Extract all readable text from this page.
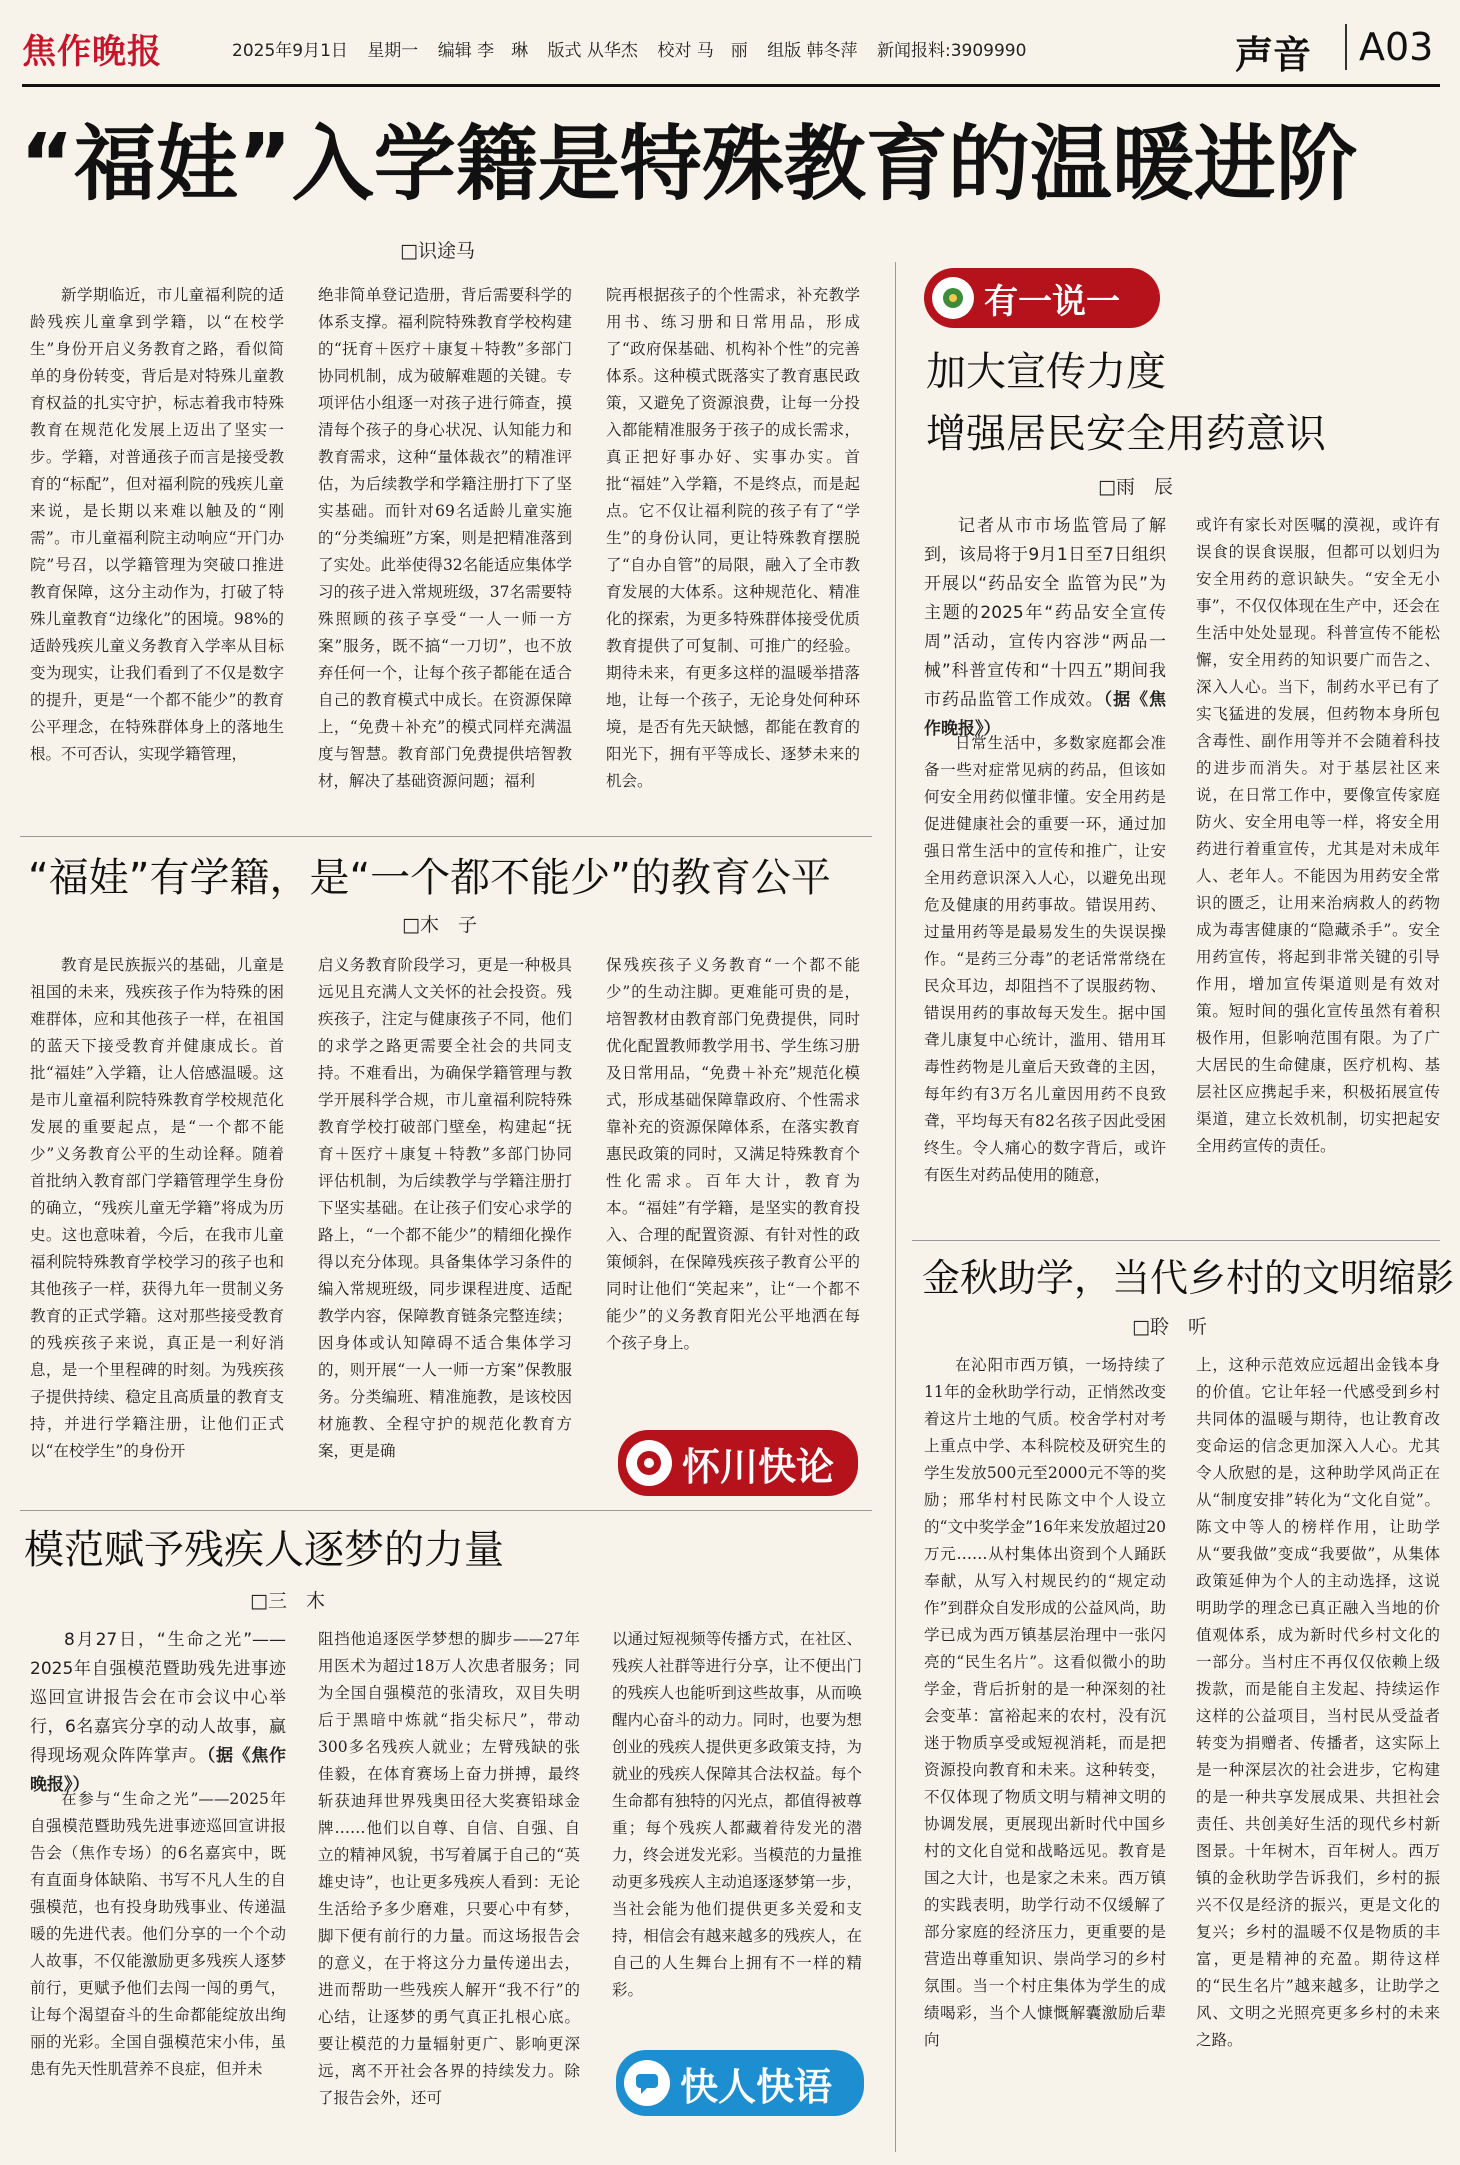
焦作晚报	2025年9月1日 星期一 编辑 李　琳 版式 从华杰 校对 马　丽 组版 韩冬萍 新闻报料:3909990	声音	A03
“福娃”入学籍是特殊教育的温暖进阶
□识途马

新学期临近，市儿童福利院的适龄残疾儿童拿到学籍，以“在校学生”身份开启义务教育之路，看似简单的身份转变，背后是对特殊儿童教育权益的扎实守护，标志着我市特殊教育在规范化发展上迈出了坚实一步。学籍，对普通孩子而言是接受教育的“标配”，但对福利院的残疾儿童来说，是长期以来难以触及的“刚需”。市儿童福利院主动响应“开门办院”号召，以学籍管理为突破口推进教育保障，这分主动作为，打破了特殊儿童教育“边缘化”的困境。98%的适龄残疾儿童义务教育入学率从目标变为现实，让我们看到了不仅是数字的提升，更是“一个都不能少”的教育公平理念，在特殊群体身上的落地生根。不可否认，实现学籍管理，

绝非简单登记造册，背后需要科学的体系支撑。福利院特殊教育学校构建的“抚育＋医疗＋康复＋特教”多部门协同机制，成为破解难题的关键。专项评估小组逐一对孩子进行筛查，摸清每个孩子的身心状况、认知能力和教育需求，这种“量体裁衣”的精准评估，为后续教学和学籍注册打下了坚实基础。而针对69名适龄儿童实施的“分类编班”方案，则是把精准落到了实处。此举使得32名能适应集体学习的孩子进入常规班级，37名需要特殊照顾的孩子享受“一人一师一方案”服务，既不搞“一刀切”，也不放弃任何一个，让每个孩子都能在适合自己的教育模式中成长。在资源保障上，“免费＋补充”的模式同样充满温度与智慧。教育部门免费提供培智教材，解决了基础资源问题；福利

院再根据孩子的个性需求，补充教学用书、练习册和日常用品，形成了“政府保基础、机构补个性”的完善体系。这种模式既落实了教育惠民政策，又避免了资源浪费，让每一分投入都能精准服务于孩子的成长需求，真正把好事办好、实事办实。首批“福娃”入学籍，不是终点，而是起点。它不仅让福利院的孩子有了“学生”的身份认同，更让特殊教育摆脱了“自办自管”的局限，融入了全市教育发展的大体系。这种规范化、精准化的探索，为更多特殊群体接受优质教育提供了可复制、可推广的经验。期待未来，有更多这样的温暖举措落地，让每一个孩子，无论身处何种环境，是否有先天缺憾，都能在教育的阳光下，拥有平等成长、逐梦未来的机会。

“福娃”有学籍，是“一个都不能少”的教育公平
□木　子

教育是民族振兴的基础，儿童是祖国的未来，残疾孩子作为特殊的困难群体，应和其他孩子一样，在祖国的蓝天下接受教育并健康成长。首批“福娃”入学籍，让人倍感温暖。这是市儿童福利院特殊教育学校规范化发展的重要起点，是“一个都不能少”义务教育公平的生动诠释。随着首批纳入教育部门学籍管理学生身份的确立，“残疾儿童无学籍”将成为历史。这也意味着，今后，在我市儿童福利院特殊教育学校学习的孩子也和其他孩子一样，获得九年一贯制义务教育的正式学籍。这对那些接受教育的残疾孩子来说，真正是一利好消息，是一个里程碑的时刻。为残疾孩子提供持续、稳定且高质量的教育支持，并进行学籍注册，让他们正式以“在校学生”的身份开

启义务教育阶段学习，更是一种极具远见且充满人文关怀的社会投资。残疾孩子，注定与健康孩子不同，他们的求学之路更需要全社会的共同支持。不难看出，为确保学籍管理与教学开展科学合规，市儿童福利院特殊教育学校打破部门壁垒，构建起“抚育＋医疗＋康复＋特教”多部门协同评估机制，为后续教学与学籍注册打下坚实基础。在让孩子们安心求学的路上，“一个都不能少”的精细化操作得以充分体现。具备集体学习条件的编入常规班级，同步课程进度、适配教学内容，保障教育链条完整连续；因身体或认知障碍不适合集体学习的，则开展“一人一师一方案”保教服务。分类编班、精准施教，是该校因材施教、全程守护的规范化教育方案，更是确

保残疾孩子义务教育“一个都不能少”的生动注脚。更难能可贵的是，培智教材由教育部门免费提供，同时优化配置教师教学用书、学生练习册及日常用品，“免费＋补充”规范化模式，形成基础保障靠政府、个性需求靠补充的资源保障体系，在落实教育惠民政策的同时，又满足特殊教育个性化需求。百年大计，教育为本。“福娃”有学籍，是坚实的教育投入、合理的配置资源、有针对性的政策倾斜，在保障残疾孩子教育公平的同时让他们“笑起来”，让“一个都不能少”的义务教育阳光公平地洒在每个孩子身上。

怀川快论
模范赋予残疾人逐梦的力量
□三　木
8月27日，“生命之光”——2025年自强模范暨助残先进事迹巡回宣讲报告会在市会议中心举行，6名嘉宾分享的动人故事，赢得现场观众阵阵掌声。（据《焦作晚报》）

在参与“生命之光”——2025年自强模范暨助残先进事迹巡回宣讲报告会（焦作专场）的6名嘉宾中，既有直面身体缺陷、书写不凡人生的自强模范，也有投身助残事业、传递温暖的先进代表。他们分享的一个个动人故事，不仅能激励更多残疾人逐梦前行，更赋予他们去闯一闯的勇气，让每个渴望奋斗的生命都能绽放出绚丽的光彩。全国自强模范宋小伟，虽患有先天性肌营养不良症，但并未

阻挡他追逐医学梦想的脚步——27年用医术为超过18万人次患者服务；同为全国自强模范的张清玫，双目失明后于黑暗中炼就“指尖标尺”，带动300多名残疾人就业；左臂残缺的张佳毅，在体育赛场上奋力拼搏，最终斩获迪拜世界残奥田径大奖赛铅球金牌……他们以自尊、自信、自强、自立的精神风貌，书写着属于自己的“英雄史诗”，也让更多残疾人看到：无论生活给予多少磨难，只要心中有梦，脚下便有前行的力量。而这场报告会的意义，在于将这分力量传递出去，进而帮助一些残疾人解开“我不行”的心结，让逐梦的勇气真正扎根心底。要让模范的力量辐射更广、影响更深远，离不开社会各界的持续发力。除了报告会外，还可

以通过短视频等传播方式，在社区、残疾人社群等进行分享，让不便出门的残疾人也能听到这些故事，从而唤醒内心奋斗的动力。同时，也要为想创业的残疾人提供更多政策支持，为就业的残疾人保障其合法权益。每个生命都有独特的闪光点，都值得被尊重；每个残疾人都藏着待发光的潜力，终会迸发光彩。当模范的力量推动更多残疾人主动追逐逐梦第一步，当社会能为他们提供更多关爱和支持，相信会有越来越多的残疾人，在自己的人生舞台上拥有不一样的精彩。

快人快语
有一说一
加大宣传力度
增强居民安全用药意识
□雨　辰
记者从市市场监管局了解到，该局将于9月1日至7日组织开展以“药品安全 监管为民”为主题的2025年“药品安全宣传周”活动，宣传内容涉“两品一械”科普宣传和“十四五”期间我市药品监管工作成效。（据《焦作晚报》）

日常生活中，多数家庭都会准备一些对症常见病的药品，但该如何安全用药似懂非懂。安全用药是促进健康社会的重要一环，通过加强日常生活中的宣传和推广，让安全用药意识深入人心，以避免出现危及健康的用药事故。错误用药、过量用药等是最易发生的失误误操作。“是药三分毒”的老话常常绕在民众耳边，却阻挡不了误服药物、错误用药的事故每天发生。据中国聋儿康复中心统计，滥用、错用耳毒性药物是儿童后天致聋的主因，每年约有3万名儿童因用药不良致聋，平均每天有82名孩子因此受困终生。令人痛心的数字背后，或许有医生对药品使用的随意，

或许有家长对医嘱的漠视，或许有误食的误食误服，但都可以划归为安全用药的意识缺失。“安全无小事”，不仅仅体现在生产中，还会在生活中处处显现。科普宣传不能松懈，安全用药的知识要广而告之、深入人心。当下，制药水平已有了实飞猛进的发展，但药物本身所包含毒性、副作用等并不会随着科技的进步而消失。对于基层社区来说，在日常工作中，要像宣传家庭防火、安全用电等一样，将安全用药进行着重宣传，尤其是对未成年人、老年人。不能因为用药安全常识的匮乏，让用来治病救人的药物成为毒害健康的“隐藏杀手”。安全用药宣传，将起到非常关键的引导作用，增加宣传渠道则是有效对策。短时间的强化宣传虽然有着积极作用，但影响范围有限。为了广大居民的生命健康，医疗机构、基层社区应携起手来，积极拓展宣传渠道，建立长效机制，切实把起安全用药宣传的责任。

金秋助学，当代乡村的文明缩影
□聆　听

在沁阳市西万镇，一场持续了11年的金秋助学行动，正悄然改变着这片土地的气质。校舍学村对考上重点中学、本科院校及研究生的学生发放500元至2000元不等的奖励；邢华村村民陈文中个人设立的“文中奖学金”16年来发放超过20万元……从村集体出资到个人踊跃奉献，从写入村规民约的“规定动作”到群众自发形成的公益风尚，助学已成为西万镇基层治理中一张闪亮的“民生名片”。这看似微小的助学金，背后折射的是一种深刻的社会变革：富裕起来的农村，没有沉迷于物质享受或短视消耗，而是把资源投向教育和未来。这种转变，不仅体现了物质文明与精神文明的协调发展，更展现出新时代中国乡村的文化自觉和战略远见。教育是国之大计，也是家之未来。西万镇的实践表明，助学行动不仅缓解了部分家庭的经济压力，更重要的是营造出尊重知识、崇尚学习的乡村氛围。当一个村庄集体为学生的成绩喝彩，当个人慷慨解囊激励后辈向

上，这种示范效应远超出金钱本身的价值。它让年轻一代感受到乡村共同体的温暖与期待，也让教育改变命运的信念更加深入人心。尤其令人欣慰的是，这种助学风尚正在从“制度安排”转化为“文化自觉”。陈文中等人的榜样作用，让助学从“要我做”变成“我要做”，从集体政策延伸为个人的主动选择，这说明助学的理念已真正融入当地的价值观体系，成为新时代乡村文化的一部分。当村庄不再仅仅依赖上级拨款，而是能自主发起、持续运作这样的公益项目，当村民从受益者转变为捐赠者、传播者，这实际上是一种深层次的社会进步，它构建的是一种共享发展成果、共担社会责任、共创美好生活的现代乡村新图景。十年树木，百年树人。西万镇的金秋助学告诉我们，乡村的振兴不仅是经济的振兴，更是文化的复兴；乡村的温暖不仅是物质的丰富，更是精神的充盈。期待这样的“民生名片”越来越多，让助学之风、文明之光照亮更多乡村的未来之路。
